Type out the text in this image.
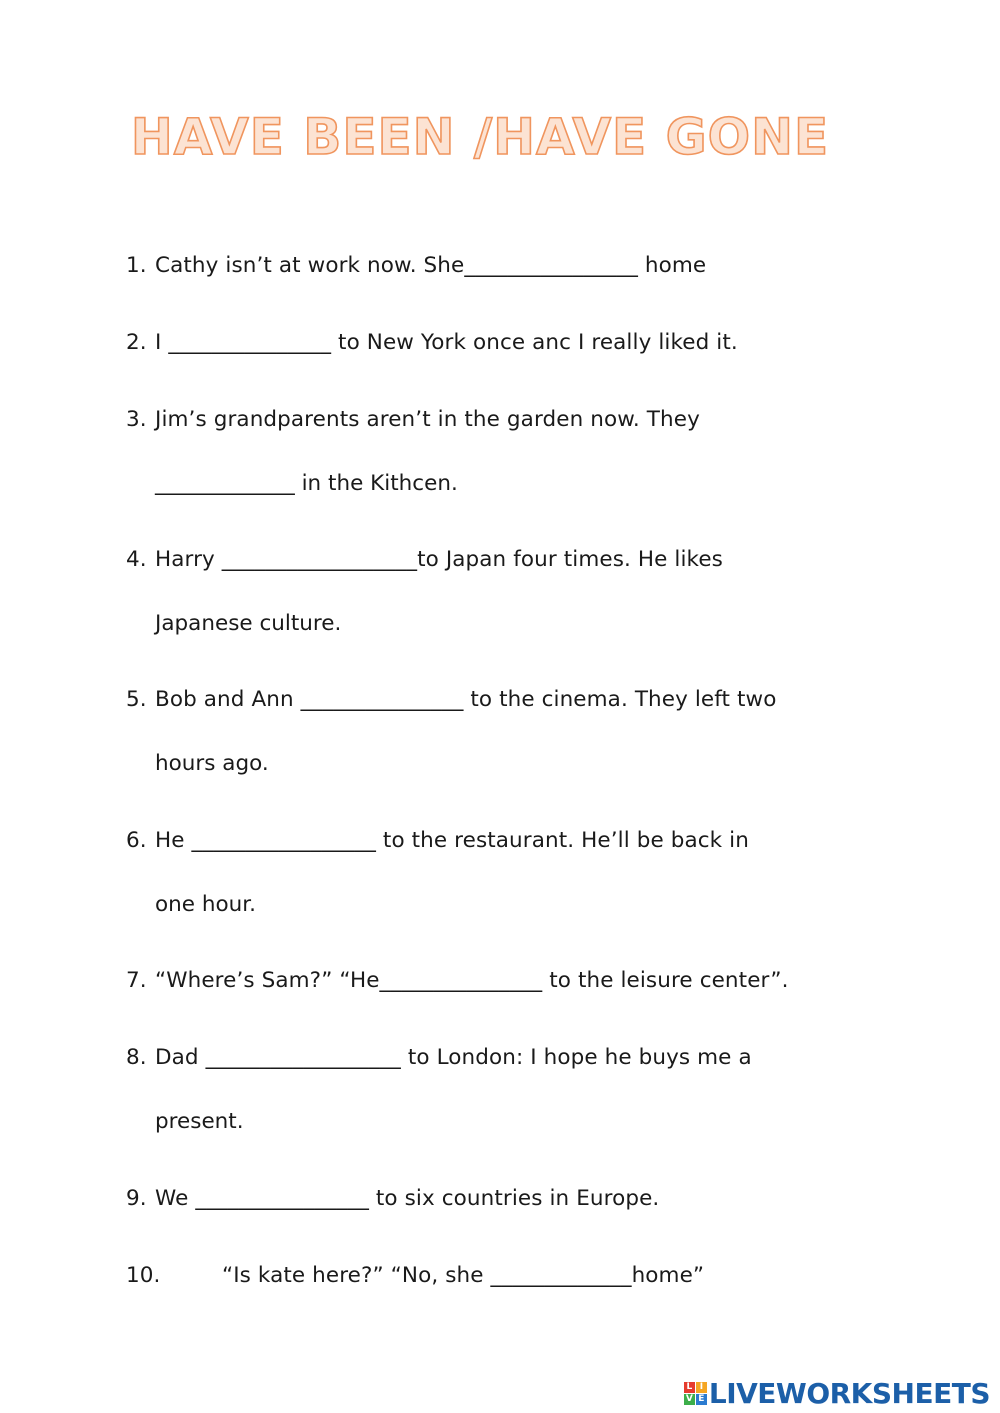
HAVE BEEN /HAVE GONE
1. Cathy isn’t at work now. She________________ home
2. I _______________ to New York once anc I really liked it.
3. Jim’s grandparents aren’t in the garden now. They
_____________ in the Kithcen.
4. Harry __________________to Japan four times. He likes
Japanese culture.
5. Bob and Ann _______________ to the cinema. They left two
hours ago.
6. He _________________ to the restaurant. He’ll be back in
one hour.
7. “Where’s Sam?” “He_______________ to the leisure center”.
8. Dad __________________ to London: I hope he buys me a
present.
9. We ________________ to six countries in Europe.
10.	“Is kate here?” “No, she _____________home”
L I
V E LIVEWORKSHEETS
